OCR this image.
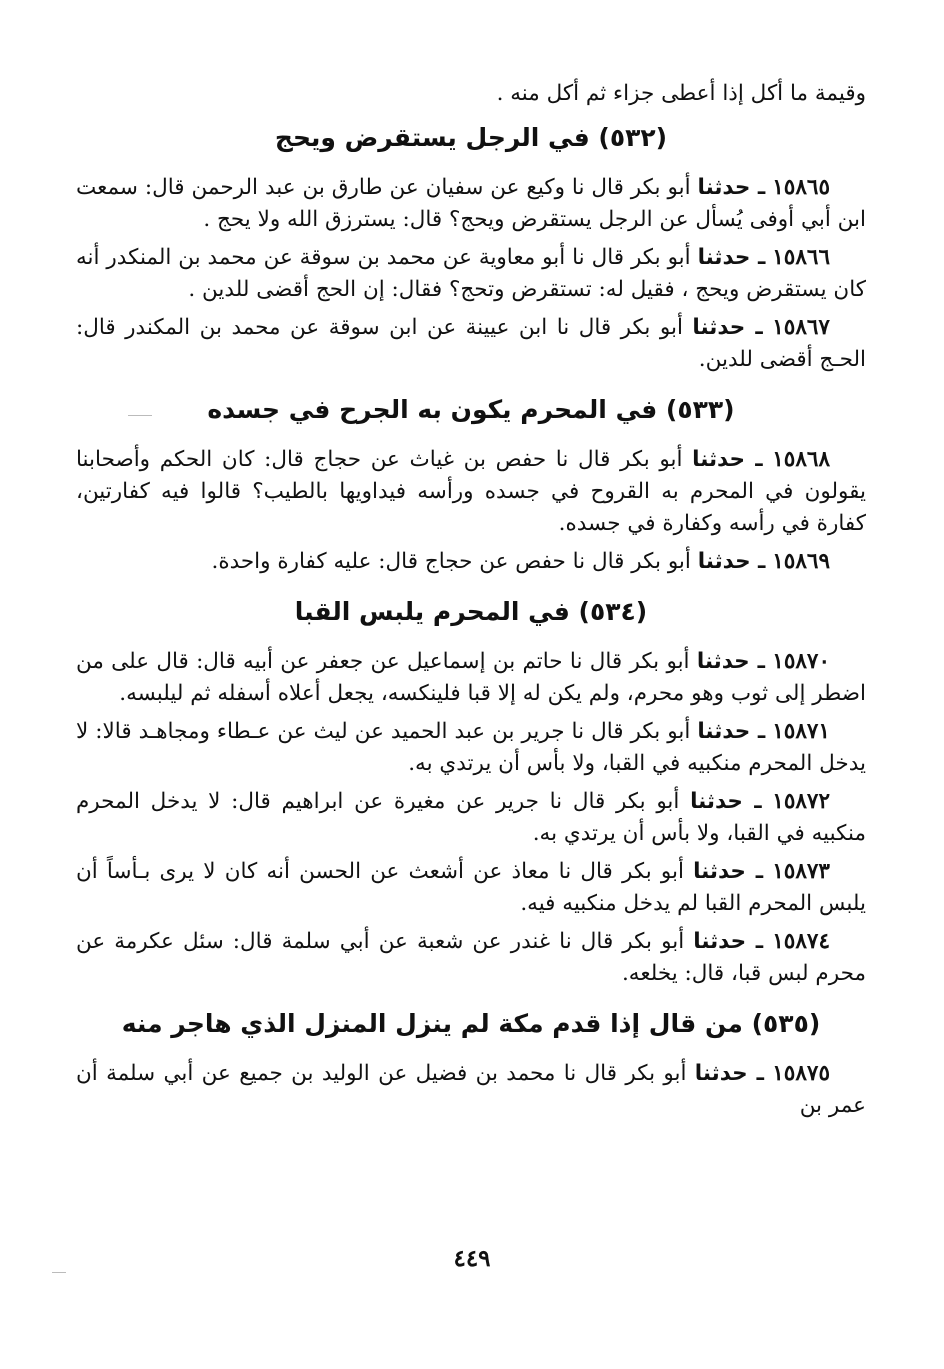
وقيمة ما أكل إذا أعطى جزاء ثم أكل منه .

(٥٣٢) في الرجل يستقرض ويحج

١٥٨٦٥ ـ حدثنا أبو بكر قال نا وكيع عن سفيان عن طارق بن عبد الرحمن قال: سمعت ابن أبي أوفى يُسأل عن الرجل يستقرض ويحج؟ قال: يسترزق الله ولا يحج .

١٥٨٦٦ ـ حدثنا أبو بكر قال نا أبو معاوية عن محمد بن سوقة عن محمد بن المنكدر أنه كان يستقرض ويحج ، فقيل له: تستقرض وتحج؟ فقال: إن الحج أقضى للدين .

١٥٨٦٧ ـ حدثنا أبو بكر قال نا ابن عيينة عن ابن سوقة عن محمد بن المكندر قال: الحـج أقضى للدين.

(٥٣٣) في المحرم يكون به الجرح في جسده

١٥٨٦٨ ـ حدثنا أبو بكر قال نا حفص بن غياث عن حجاج قال: كان الحكم وأصحابنا يقولون في المحرم به القروح في جسده ورأسه فيداويها بالطيب؟ قالوا فيه كفارتين، كفارة في رأسه وكفارة في جسده.

١٥٨٦٩ ـ حدثنا أبو بكر قال نا حفص عن حجاج قال: عليه كفارة واحدة.

(٥٣٤) في المحرم يلبس القبا

١٥٨٧٠ ـ حدثنا أبو بكر قال نا حاتم بن إسماعيل عن جعفر عن أبيه قال: قال على من اضطر إلى ثوب وهو محرم، ولم يكن له إلا قبا فلينكسه، يجعل أعلاه أسفله ثم ليلبسه.

١٥٨٧١ ـ حدثنا أبو بكر قال نا جرير بن عبد الحميد عن ليث عن عـطاء ومجاهـد قالا: لا يدخل المحرم منكبيه في القبا، ولا بأس أن يرتدي به.

١٥٨٧٢ ـ حدثنا أبو بكر قال نا جرير عن مغيرة عن ابراهيم قال: لا يدخل المحرم منكبيه في القبا، ولا بأس أن يرتدي به.

١٥٨٧٣ ـ حدثنا أبو بكر قال نا معاذ عن أشعث عن الحسن أنه كان لا يرى بـأساً أن يلبس المحرم القبا لم يدخل منكبيه فيه.

١٥٨٧٤ ـ حدثنا أبو بكر قال نا غندر عن شعبة عن أبي سلمة قال: سئل عكرمة عن محرم لبس قبا، قال: يخلعه.

(٥٣٥) من قال إذا قدم مكة لم ينزل المنزل الذي هاجر منه

١٥٨٧٥ ـ حدثنا أبو بكر قال نا محمد بن فضيل عن الوليد بن جميع عن أبي سلمة أن عمر بن

٤٤٩
